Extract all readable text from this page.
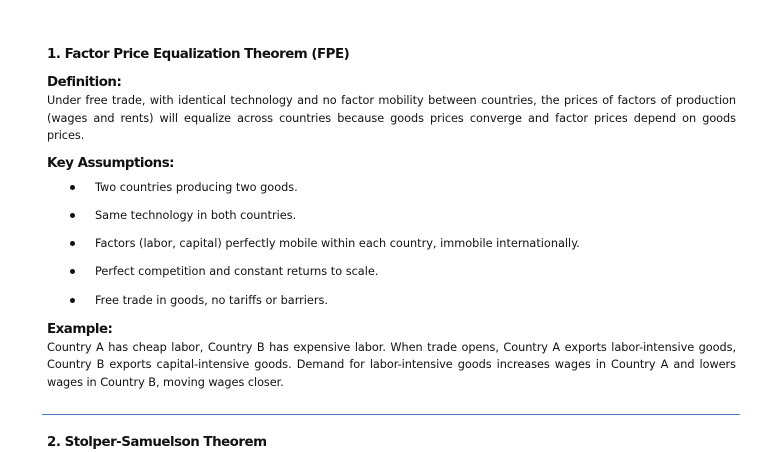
1. Factor Price Equalization Theorem (FPE)
Definition:

Under free trade, with identical technology and no factor mobility between countries, the prices of factors of production (wages and rents) will equalize across countries because goods prices converge and factor prices depend on goods prices.

Key Assumptions:
Two countries producing two goods.
Same technology in both countries.
Factors (labor, capital) perfectly mobile within each country, immobile internationally.
Perfect competition and constant returns to scale.
Free trade in goods, no tariffs or barriers.
Example:

Country A has cheap labor, Country B has expensive labor. When trade opens, Country A exports labor-intensive goods, Country B exports capital-intensive goods. Demand for labor-intensive goods increases wages in Country A and lowers wages in Country B, moving wages closer.

2. Stolper-Samuelson Theorem
